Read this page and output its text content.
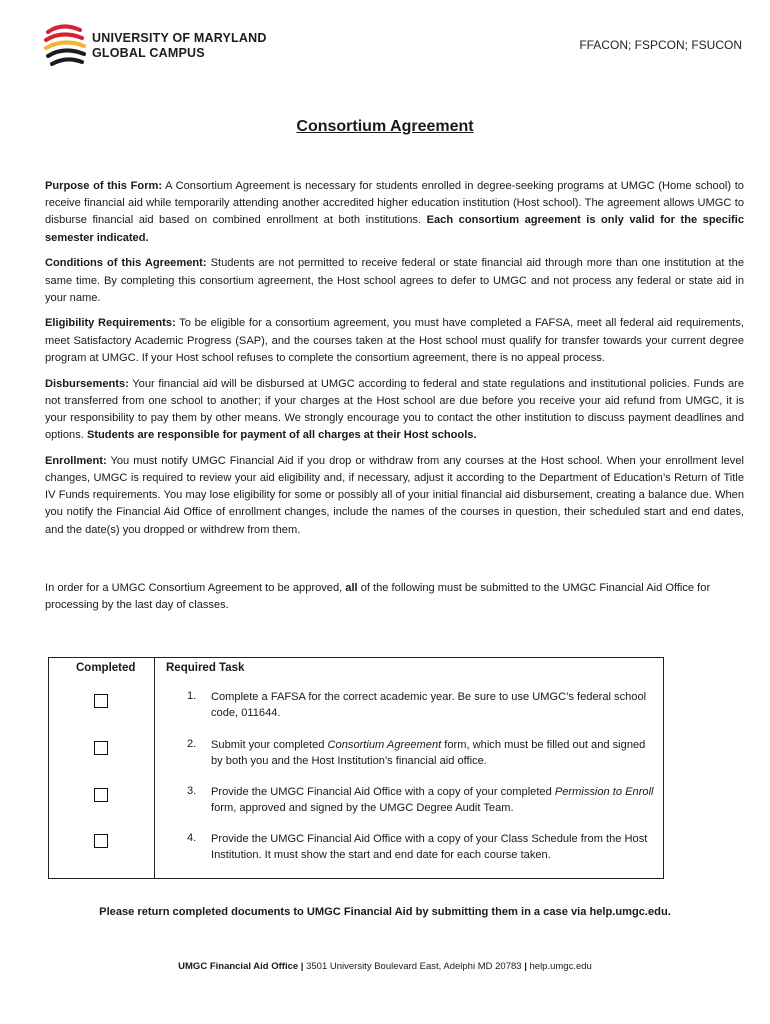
UNIVERSITY OF MARYLAND
GLOBAL CAMPUS
FFACON; FSPCON; FSUCON
Consortium Agreement

Purpose of this Form: A Consortium Agreement is necessary for students enrolled in degree-seeking programs at UMGC (Home school) to receive financial aid while temporarily attending another accredited higher education institution (Host school). The agreement allows UMGC to disburse financial aid based on combined enrollment at both institutions. Each consortium agreement is only valid for the specific semester indicated.

Conditions of this Agreement: Students are not permitted to receive federal or state financial aid through more than one institution at the same time. By completing this consortium agreement, the Host school agrees to defer to UMGC and not process any federal or state aid in your name.

Eligibility Requirements: To be eligible for a consortium agreement, you must have completed a FAFSA, meet all federal aid requirements, meet Satisfactory Academic Progress (SAP), and the courses taken at the Host school must qualify for transfer towards your current degree program at UMGC. If your Host school refuses to complete the consortium agreement, there is no appeal process.

Disbursements: Your financial aid will be disbursed at UMGC according to federal and state regulations and institutional policies. Funds are not transferred from one school to another; if your charges at the Host school are due before you receive your aid refund from UMGC, it is your responsibility to pay them by other means. We strongly encourage you to contact the other institution to discuss payment deadlines and options. Students are responsible for payment of all charges at their Host schools.

Enrollment: You must notify UMGC Financial Aid if you drop or withdraw from any courses at the Host school. When your enrollment level changes, UMGC is required to review your aid eligibility and, if necessary, adjust it according to the Department of Education’s Return of Title IV Funds requirements. You may lose eligibility for some or possibly all of your initial financial aid disbursement, creating a balance due. When you notify the Financial Aid Office of enrollment changes, include the names of the courses in question, their scheduled start and end dates, and the date(s) you dropped or withdrew from them.

In order for a UMGC Consortium Agreement to be approved, all of the following must be submitted to the UMGC Financial Aid Office for processing by the last day of classes.
Completed	Required Task
1. Complete a FAFSA for the correct academic year. Be sure to use UMGC’s federal school code, 011644.
2. Submit your completed Consortium Agreement form, which must be filled out and signed by both you and the Host Institution’s financial aid office.
3. Provide the UMGC Financial Aid Office with a copy of your completed Permission to Enroll form, approved and signed by the UMGC Degree Audit Team.
4. Provide the UMGC Financial Aid Office with a copy of your Class Schedule from the Host Institution. It must show the start and end date for each course taken.
Please return completed documents to UMGC Financial Aid by submitting them in a case via help.umgc.edu.
UMGC Financial Aid Office | 3501 University Boulevard East, Adelphi MD 20783 | help.umgc.edu
